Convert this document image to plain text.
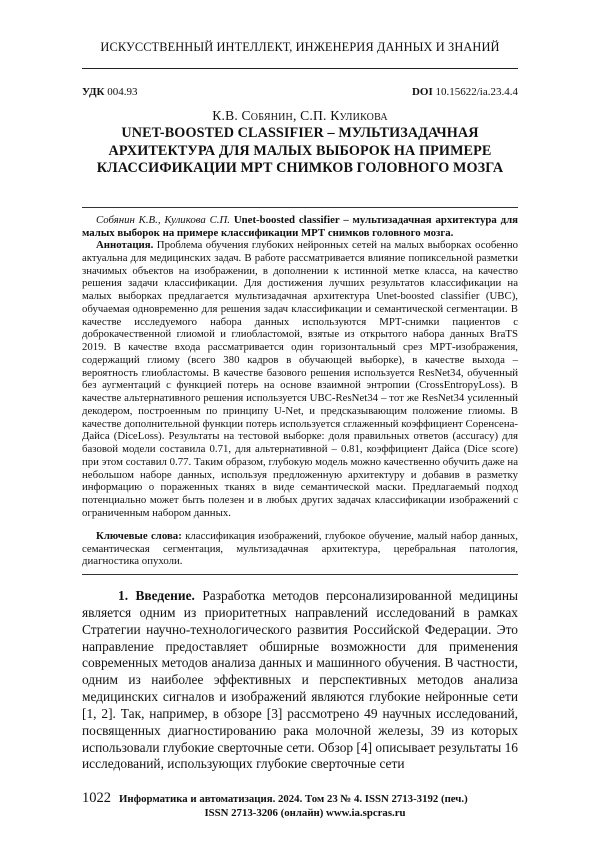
ИСКУССТВЕННЫЙ ИНТЕЛЛЕКТ, ИНЖЕНЕРИЯ ДАННЫХ И ЗНАНИЙ
УДК 004.93	DOI 10.15622/ia.23.4.4
К.В. Собянин, С.П. Куликова
UNET-BOOSTED CLASSIFIER – МУЛЬТИЗАДАЧНАЯ АРХИТЕКТУРА ДЛЯ МАЛЫХ ВЫБОРОК НА ПРИМЕРЕ КЛАССИФИКАЦИИ МРТ СНИМКОВ ГОЛОВНОГО МОЗГА
Собянин К.В., Куликова С.П. Unet-boosted classifier – мультизадачная архитектура для малых выборок на примере классификации МРТ снимков головного мозга.
Аннотация. Проблема обучения глубоких нейронных сетей на малых выборках особенно актуальна для медицинских задач. В работе рассматривается влияние попиксельной разметки значимых объектов на изображении, в дополнении к истинной метке класса, на качество решения задачи классификации. Для достижения лучших результатов классификации на малых выборках предлагается мультизадачная архитектура Unet-boosted classifier (UBC), обучаемая одновременно для решения задач классификации и семантической сегментации. В качестве исследуемого набора данных используются МРТ-снимки пациентов с доброкачественной глиомой и глиобластомой, взятые из открытого набора данных BraTS 2019. В качестве входа рассматривается один горизонтальный срез МРТ-изображения, содержащий глиому (всего 380 кадров в обучающей выборке), в качестве выхода – вероятность глиобластомы. В качестве базового решения используется ResNet34, обученный без аугментаций с функцией потерь на основе взаимной энтропии (CrossEntropyLoss). В качестве альтернативного решения используется UBC-ResNet34 – тот же ResNet34 усиленный декодером, построенным по принципу U-Net, и предсказывающим положение глиомы. В качестве дополнительной функции потерь используется сглаженный коэффициент Соренсена-Дайса (DiceLoss). Результаты на тестовой выборке: доля правильных ответов (accuracy) для базовой модели составила 0.71, для альтернативной – 0.81, коэффициент Дайса (Dice score) при этом составил 0.77. Таким образом, глубокую модель можно качественно обучить даже на небольшом наборе данных, используя предложенную архитектуру и добавив в разметку информацию о пораженных тканях в виде семантической маски. Предлагаемый подход потенциально может быть полезен и в любых других задачах классификации изображений с ограниченным набором данных.
Ключевые слова: классификация изображений, глубокое обучение, малый набор данных, семантическая сегментация, мультизадачная архитектура, церебральная патология, диагностика опухоли.
1. Введение. Разработка методов персонализированной медицины является одним из приоритетных направлений исследований в рамках Стратегии научно-технологического развития Российской Федерации. Это направление предоставляет обширные возможности для применения современных методов анализа данных и машинного обучения. В частности, одним из наиболее эффективных и перспективных методов анализа медицинских сигналов и изображений являются глубокие нейронные сети [1, 2]. Так, например, в обзоре [3] рассмотрено 49 научных исследований, посвященных диагностированию рака молочной железы, 39 из которых использовали глубокие сверточные сети. Обзор [4] описывает результаты 16 исследований, использующих глубокие сверточные сети
1022 Информатика и автоматизация. 2024. Том 23 № 4. ISSN 2713-3192 (печ.)
ISSN 2713-3206 (онлайн) www.ia.spcras.ru
